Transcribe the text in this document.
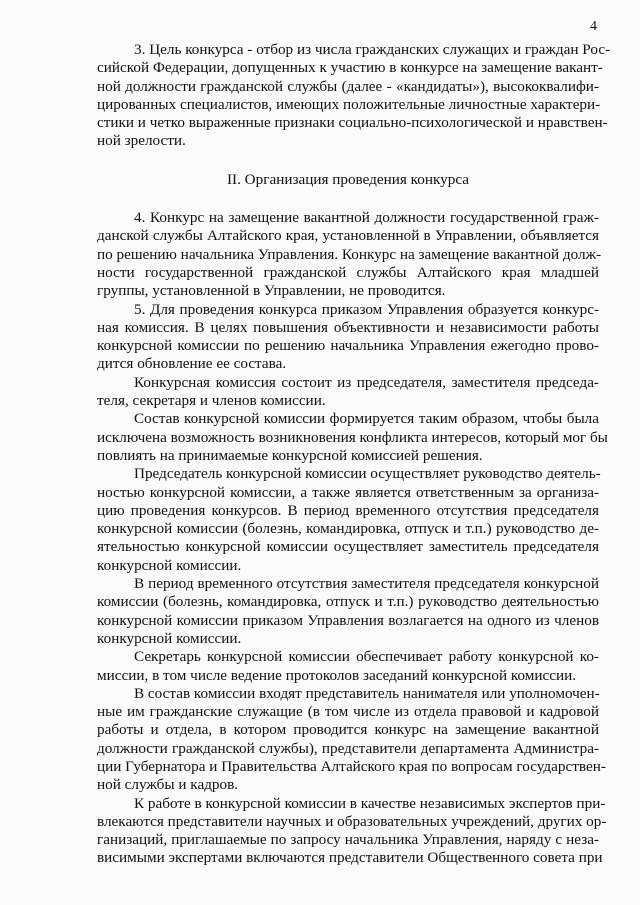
4

3. Цель конкурса - отбор из числа гражданских служащих и граждан Рос-
сийской Федерации, допущенных к участию в конкурсе на замещение вакант-
ной должности гражданской службы (далее - «кандидаты»), высококвалифи-
цированных специалистов, имеющих положительные личностные характери-
стики и четко выраженные признаки социально-психологической и нравствен-
ной зрелости.

II. Организация проведения конкурса

4. Конкурс на замещение вакантной должности государственной граж-
данской службы Алтайского края, установленной в Управлении, объявляется
по решению начальника Управления. Конкурс на замещение вакантной долж-
ности государственной гражданской службы Алтайского края младшей
группы, установленной в Управлении, не проводится.

5. Для проведения конкурса приказом Управления образуется конкурс-
ная комиссия. В целях повышения объективности и независимости работы
конкурсной комиссии по решению начальника Управления ежегодно прово-
дится обновление ее состава.

Конкурсная комиссия состоит из председателя, заместителя председа-
теля, секретаря и членов комиссии.

Состав конкурсной комиссии формируется таким образом, чтобы была
исключена возможность возникновения конфликта интересов, который мог бы
повлиять на принимаемые конкурсной комиссией решения.

Председатель конкурсной комиссии осуществляет руководство деятель-
ностью конкурсной комиссии, а также является ответственным за организа-
цию проведения конкурсов. В период временного отсутствия председателя
конкурсной комиссии (болезнь, командировка, отпуск и т.п.) руководство де-
ятельностью конкурсной комиссии осуществляет заместитель председателя
конкурсной комиссии.

В период временного отсутствия заместителя председателя конкурсной
комиссии (болезнь, командировка, отпуск и т.п.) руководство деятельностью
конкурсной комиссии приказом Управления возлагается на одного из членов
конкурсной комиссии.

Секретарь конкурсной комиссии обеспечивает работу конкурсной ко-
миссии, в том числе ведение протоколов заседаний конкурсной комиссии.

В состав комиссии входят представитель нанимателя или уполномочен-
ные им гражданские служащие (в том числе из отдела правовой и кадровой
работы и отдела, в котором проводится конкурс на замещение вакантной
должности гражданской службы), представители департамента Администра-
ции Губернатора и Правительства Алтайского края по вопросам государствен-
ной службы и кадров.

К работе в конкурсной комиссии в качестве независимых экспертов при-
влекаются представители научных и образовательных учреждений, других ор-
ганизаций, приглашаемые по запросу начальника Управления, наряду с неза-
висимыми экспертами включаются представители Общественного совета при
